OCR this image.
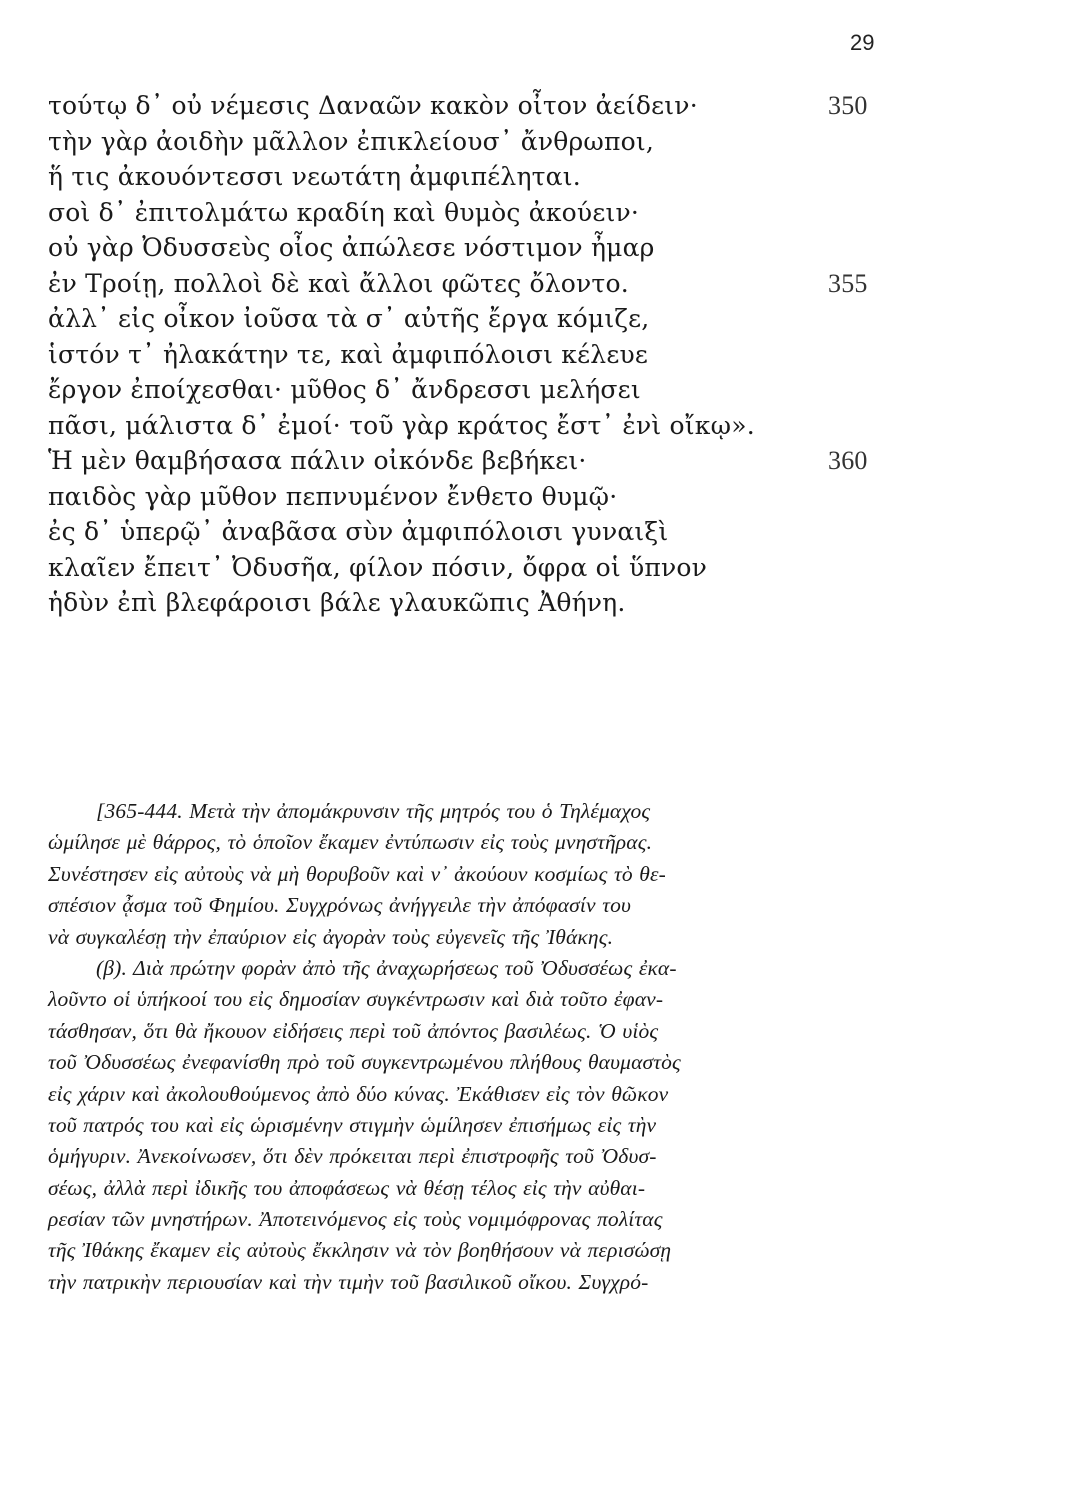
29
τούτῳ δ᾽ οὐ νέμεσις Δαναῶν κακὸν οἶτον ἀείδειν·	350
τὴν γὰρ ἀοιδὴν μᾶλλον ἐπικλείουσ᾽ ἄνθρωποι,
ἥ τις ἀκουόντεσσι νεωτάτη ἀμφιπέληται.
σοὶ δ᾽ ἐπιτολμάτω κραδίη καὶ θυμὸς ἀκούειν·
οὐ γὰρ Ὀδυσσεὺς οἶος ἀπώλεσε νόστιμον ἦμαρ
ἐν Τροίῃ, πολλοὶ δὲ καὶ ἄλλοι φῶτες ὄλοντο.	355
ἀλλ᾽ εἰς οἶκον ἰοῦσα τὰ σ᾽ αὐτῆς ἔργα κόμιζε,
ἱστόν τ᾽ ἠλακάτην τε, καὶ ἀμφιπόλοισι κέλευε
ἔργον ἐποίχεσθαι· μῦθος δ᾽ ἄνδρεσσι μελήσει
πᾶσι, μάλιστα δ᾽ ἐμοί· τοῦ γὰρ κράτος ἔστ᾽ ἐνὶ οἴκῳ».
Ἡ μὲν θαμβήσασα πάλιν οἰκόνδε βεβήκει·	360
παιδὸς γὰρ μῦθον πεπνυμένον ἔνθετο θυμῷ·
ἐς δ᾽ ὑπερῷ᾽ ἀναβᾶσα σὺν ἀμφιπόλοισι γυναιξὶ
κλαῖεν ἔπειτ᾽ Ὀδυσῆα, φίλον πόσιν, ὄφρα οἱ ὕπνον
ἡδὺν ἐπὶ βλεφάροισι βάλε γλαυκῶπις Ἀθήνη.
[365-444. Μετὰ τὴν ἀπομάκρυνσιν τῆς μητρός του ὁ Τηλέμαχος
ὡμίλησε μὲ θάρρος, τὸ ὁποῖον ἔκαμεν ἐντύπωσιν εἰς τοὺς μνηστῆρας.
Συνέστησεν εἰς αὐτοὺς νὰ μὴ θορυβοῦν καὶ ν᾽ ἀκούουν κοσμίως τὸ θε-
σπέσιον ᾆσμα τοῦ Φημίου. Συγχρόνως ἀνήγγειλε τὴν ἀπόφασίν του
νὰ συγκαλέσῃ τὴν ἐπαύριον εἰς ἀγορὰν τοὺς εὐγενεῖς τῆς Ἰθάκης.
(β). Διὰ πρώτην φορὰν ἀπὸ τῆς ἀναχωρήσεως τοῦ Ὀδυσσέως ἐκα-
λοῦντο οἱ ὑπήκοοί του εἰς δημοσίαν συγκέντρωσιν καὶ διὰ τοῦτο ἐφαν-
τάσθησαν, ὅτι θὰ ἤκουον εἰδήσεις περὶ τοῦ ἀπόντος βασιλέως. Ὁ υἱὸς
τοῦ Ὀδυσσέως ἐνεφανίσθη πρὸ τοῦ συγκεντρωμένου πλήθους θαυμαστὸς
εἰς χάριν καὶ ἀκολουθούμενος ἀπὸ δύο κύνας. Ἐκάθισεν εἰς τὸν θῶκον
τοῦ πατρός του καὶ εἰς ὡρισμένην στιγμὴν ὡμίλησεν ἐπισήμως εἰς τὴν
ὁμήγυριν. Ἀνεκοίνωσεν, ὅτι δὲν πρόκειται περὶ ἐπιστροφῆς τοῦ Ὀδυσ-
σέως, ἀλλὰ περὶ ἰδικῆς του ἀποφάσεως νὰ θέσῃ τέλος εἰς τὴν αὐθαι-
ρεσίαν τῶν μνηστήρων. Ἀποτεινόμενος εἰς τοὺς νομιμόφρονας πολίτας
τῆς Ἰθάκης ἔκαμεν εἰς αὐτοὺς ἔκκλησιν νὰ τὸν βοηθήσουν νὰ περισώσῃ
τὴν πατρικὴν περιουσίαν καὶ τὴν τιμὴν τοῦ βασιλικοῦ οἴκου. Συγχρό-
